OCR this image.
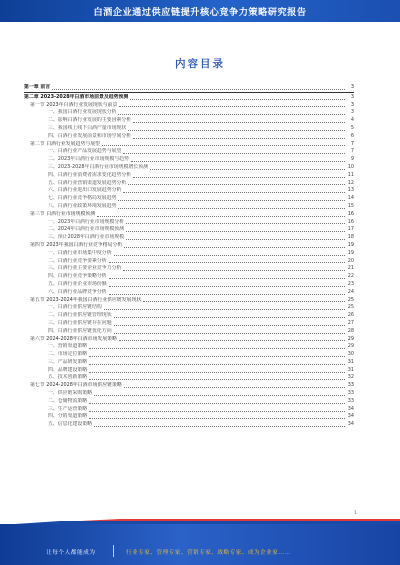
白酒企业通过供应链提升核心竞争力策略研究报告
内容目录
第一章 前言	3
第二章 2023-2028年白酒市场前景及趋势预测	3
第一节 2023年白酒行业发展现状与前景	3
一、我国白酒行业发展现状分析	3
二、影响白酒行业发展的主要因素分析	4
三、我国线上线下白酒产量市场现状	5
四、白酒行业发展前景和市场空间分析	6
第二节 白酒行业发展趋势与展望	7
一、白酒行业产品发展趋势与展望	7
二、2023年白酒行业市场规模与趋势	9
三、2023-2028年白酒行业市场规模增长预测	10
四、白酒行业消费者需求变化趋势分析	11
五、白酒行业营销渠道发展趋势分析	12
六、白酒行业进出口发展趋势分析	13
七、白酒行业竞争格局发展趋势	14
八、白酒行业政策环境发展趋势	15
第三节 白酒行业市场规模预测	16
一、2023年白酒行业市场规模分析	16
二、2024年白酒行业市场规模预测	17
三、预计2028年白酒行业市场规模	18
第四节 2023年我国白酒行业竞争格局分析	19
一、白酒行业市场集中度分析	19
二、白酒行业竞争要素分析	20
三、白酒行业主要企业竞争力分析	21
四、白酒行业竞争策略分析	22
五、白酒行业企业市场份额	23
六、白酒行业品牌竞争分析	24
第五节 2023-2024年我国白酒行业供应链发展现状	25
一、白酒行业供应链结构	25
二、白酒行业供应链管理现状	26
三、白酒行业供应链存在问题	27
四、白酒行业供应链优化方向	28
第六节 2024-2028年白酒市场发展策略	29
一、营销渠道策略	29
二、市场定位策略	30
三、产品研发策略	31
四、品牌建设策略	31
五、技术创新策略	32
第七节 2024-2028年白酒市场供应链策略	33
一、供应链采购策略	33
二、仓储物流策略	33
三、生产运营策略	34
四、分销渠道策略	34
五、信息化建设策略	34
1
让每个人都能成为	行业专家、管理专家、营销专家、战略专家、成为企业家……
